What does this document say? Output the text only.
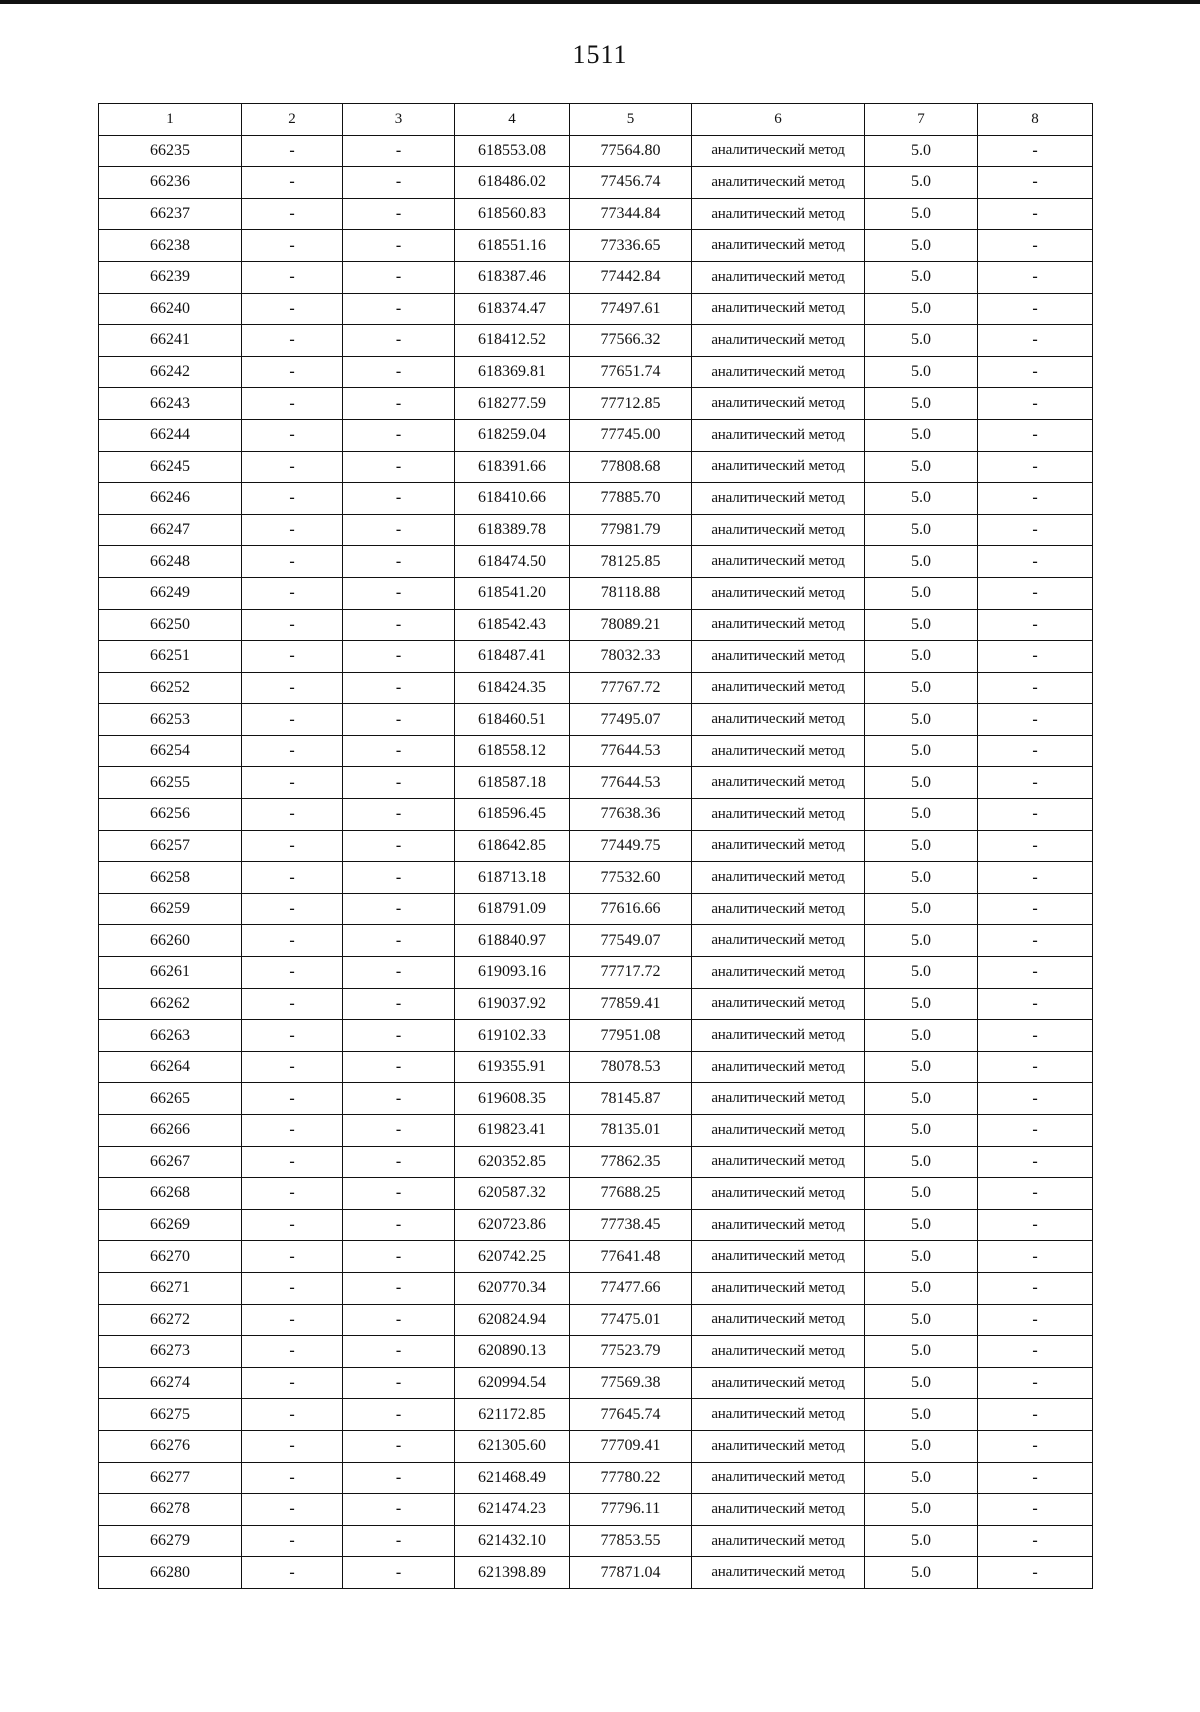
1511
1	2	3	4	5	6	7	8
66235	-	-	618553.08	77564.80	аналитический метод	5.0	-
66236	-	-	618486.02	77456.74	аналитический метод	5.0	-
66237	-	-	618560.83	77344.84	аналитический метод	5.0	-
66238	-	-	618551.16	77336.65	аналитический метод	5.0	-
66239	-	-	618387.46	77442.84	аналитический метод	5.0	-
66240	-	-	618374.47	77497.61	аналитический метод	5.0	-
66241	-	-	618412.52	77566.32	аналитический метод	5.0	-
66242	-	-	618369.81	77651.74	аналитический метод	5.0	-
66243	-	-	618277.59	77712.85	аналитический метод	5.0	-
66244	-	-	618259.04	77745.00	аналитический метод	5.0	-
66245	-	-	618391.66	77808.68	аналитический метод	5.0	-
66246	-	-	618410.66	77885.70	аналитический метод	5.0	-
66247	-	-	618389.78	77981.79	аналитический метод	5.0	-
66248	-	-	618474.50	78125.85	аналитический метод	5.0	-
66249	-	-	618541.20	78118.88	аналитический метод	5.0	-
66250	-	-	618542.43	78089.21	аналитический метод	5.0	-
66251	-	-	618487.41	78032.33	аналитический метод	5.0	-
66252	-	-	618424.35	77767.72	аналитический метод	5.0	-
66253	-	-	618460.51	77495.07	аналитический метод	5.0	-
66254	-	-	618558.12	77644.53	аналитический метод	5.0	-
66255	-	-	618587.18	77644.53	аналитический метод	5.0	-
66256	-	-	618596.45	77638.36	аналитический метод	5.0	-
66257	-	-	618642.85	77449.75	аналитический метод	5.0	-
66258	-	-	618713.18	77532.60	аналитический метод	5.0	-
66259	-	-	618791.09	77616.66	аналитический метод	5.0	-
66260	-	-	618840.97	77549.07	аналитический метод	5.0	-
66261	-	-	619093.16	77717.72	аналитический метод	5.0	-
66262	-	-	619037.92	77859.41	аналитический метод	5.0	-
66263	-	-	619102.33	77951.08	аналитический метод	5.0	-
66264	-	-	619355.91	78078.53	аналитический метод	5.0	-
66265	-	-	619608.35	78145.87	аналитический метод	5.0	-
66266	-	-	619823.41	78135.01	аналитический метод	5.0	-
66267	-	-	620352.85	77862.35	аналитический метод	5.0	-
66268	-	-	620587.32	77688.25	аналитический метод	5.0	-
66269	-	-	620723.86	77738.45	аналитический метод	5.0	-
66270	-	-	620742.25	77641.48	аналитический метод	5.0	-
66271	-	-	620770.34	77477.66	аналитический метод	5.0	-
66272	-	-	620824.94	77475.01	аналитический метод	5.0	-
66273	-	-	620890.13	77523.79	аналитический метод	5.0	-
66274	-	-	620994.54	77569.38	аналитический метод	5.0	-
66275	-	-	621172.85	77645.74	аналитический метод	5.0	-
66276	-	-	621305.60	77709.41	аналитический метод	5.0	-
66277	-	-	621468.49	77780.22	аналитический метод	5.0	-
66278	-	-	621474.23	77796.11	аналитический метод	5.0	-
66279	-	-	621432.10	77853.55	аналитический метод	5.0	-
66280	-	-	621398.89	77871.04	аналитический метод	5.0	-
